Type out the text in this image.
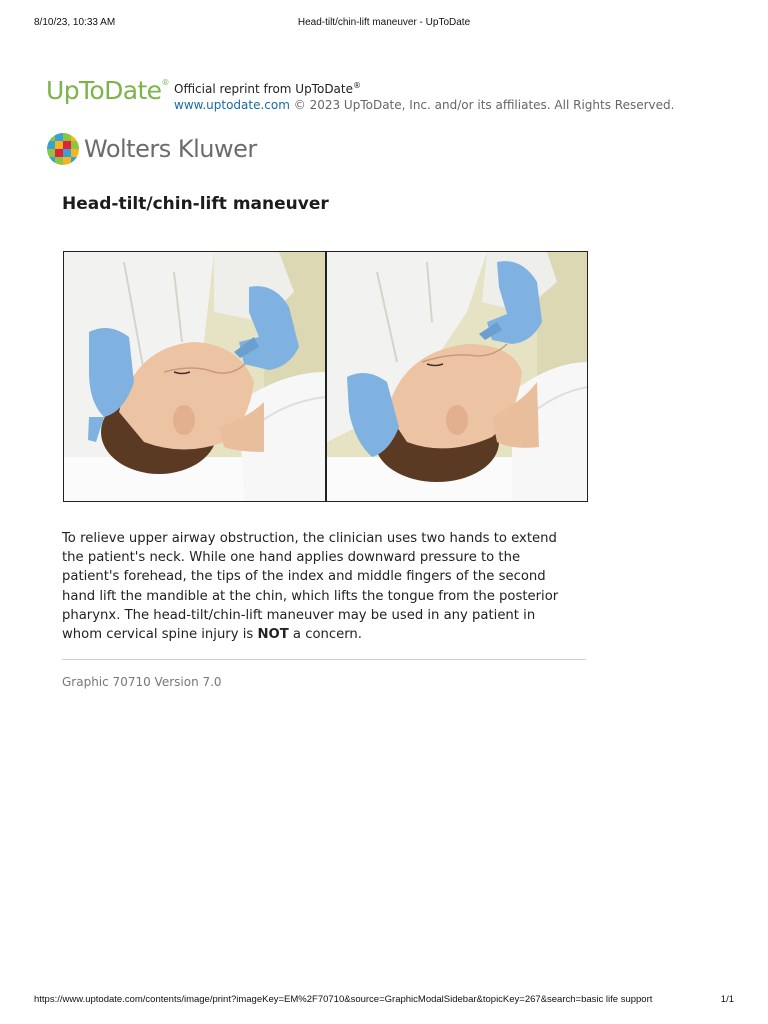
8/10/23, 10:33 AM	Head-tilt/chin-lift maneuver - UpToDate
UpToDate® Official reprint from UpToDate®
www.uptodate.com © 2023 UpToDate, Inc. and/or its affiliates. All Rights Reserved.
Wolters Kluwer
Head-tilt/chin-lift maneuver

To relieve upper airway obstruction, the clinician uses two hands to extend the patient's neck. While one hand applies downward pressure to the patient's forehead, the tips of the index and middle fingers of the second hand lift the mandible at the chin, which lifts the tongue from the posterior pharynx. The head-tilt/chin-lift maneuver may be used in any patient in whom cervical spine injury is NOT a concern.

Graphic 70710 Version 7.0
https://www.uptodate.com/contents/image/print?imageKey=EM%2F70710&source=GraphicModalSidebar&topicKey=267&search=basic life support	1/1
